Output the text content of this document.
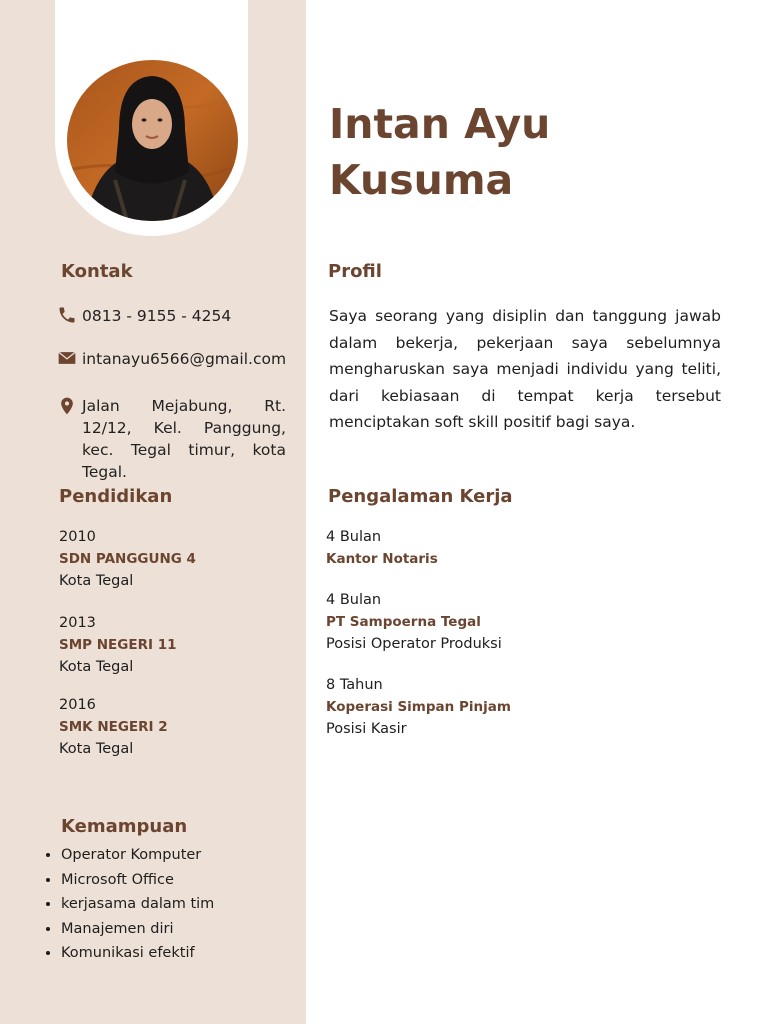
Intan Ayu
Kusuma
Kontak
0813 - 9155 - 4254
intanayu6566@gmail.com
Jalan Mejabung, Rt. 12/12, Kel. Panggung, kec. Tegal timur, kota Tegal.
Pendidikan
2010
SDN PANGGUNG 4
Kota Tegal
2013
SMP NEGERI 11
Kota Tegal
2016
SMK NEGERI 2
Kota Tegal
Kemampuan
• Operator Komputer
• Microsoft Office
• kerjasama dalam tim
• Manajemen diri
• Komunikasi efektif
Profil

Saya seorang yang disiplin dan tanggung jawab dalam bekerja, pekerjaan saya sebelumnya mengharuskan saya menjadi individu yang teliti, dari kebiasaan di tempat kerja tersebut menciptakan soft skill positif bagi saya.

Pengalaman Kerja
4 Bulan
Kantor Notaris
4 Bulan
PT Sampoerna Tegal
Posisi Operator Produksi
8 Tahun
Koperasi Simpan Pinjam
Posisi Kasir
